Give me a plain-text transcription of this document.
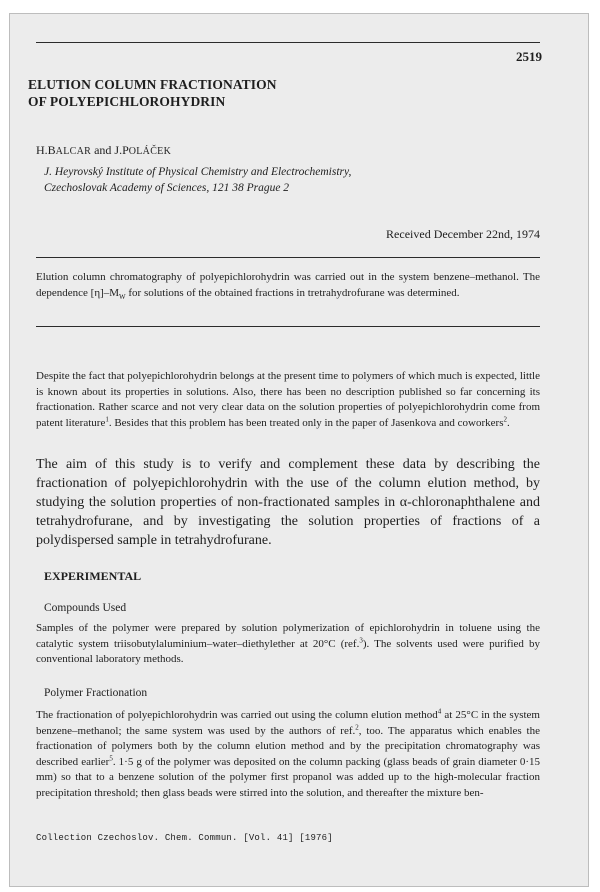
2519
ELUTION COLUMN FRACTIONATION
OF POLYEPICHLOROHYDRIN
H.BALCAR and J.POLÁČEK
J. Heyrovský Institute of Physical Chemistry and Electrochemistry,
Czechoslovak Academy of Sciences, 121 38 Prague 2
Received December 22nd, 1974
Elution column chromatography of polyepichlorohydrin was carried out in the system benzene–methanol. The dependence $[\eta]-M_W$ for solutions of the obtained fractions in tretrahydrofurane was determined.
Despite the fact that polyepichlorohydrin belongs at the present time to polymers of which much is expected, little is known about its properties in solutions. Also, there has been no description published so far concerning its fractionation. Rather scarce and not very clear data on the solution properties of polyepichlorohydrin come from patent literature$^1$. Besides that this problem has been treated only in the paper of Jasenkova and coworkers$^2$.
The aim of this study is to verify and complement these data by describing the fractionation of polyepichlorohydrin with the use of the column elution method, by studying the solution properties of non-fractionated samples in α-chloronaphthalene and tetrahydrofurane, and by investigating the solution properties of fractions of a polydispersed sample in tetrahydrofurane.
EXPERIMENTAL
Compounds Used
Samples of the polymer were prepared by solution polymerization of epichlorohydrin in toluene using the catalytic system triisobutylaluminium–water–diethylether at 20°C (ref.$^3$). The solvents used were purified by conventional laboratory methods.
Polymer Fractionation
The fractionation of polyepichlorohydrin was carried out using the column elution method$^4$ at 25°C in the system benzene–methanol; the same system was used by the authors of ref.$^2$, too. The apparatus which enables the fractionation of polymers both by the column elution method and by the precipitation chromatography was described earlier$^5$. 1·5 g of the polymer was deposited on the column packing (glass beads of grain diameter 0·15 mm) so that to a benzene solution of the polymer first propanol was added up to the high-molecular fraction precipitation threshold; then glass beads were stirred into the solution, and thereafter the mixture ben-
Collection Czechoslov. Chem. Commun. [Vol. 41] [1976]
